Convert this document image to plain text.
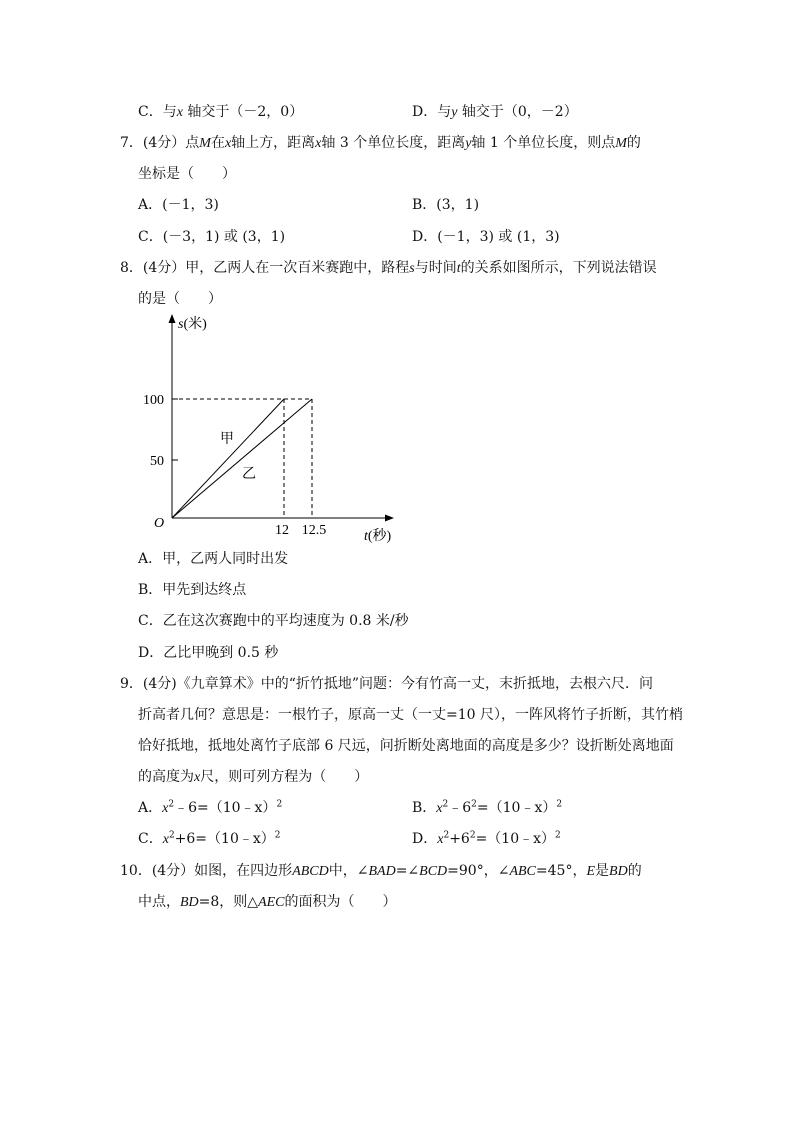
C．与x 轴交于（－2，0）	D．与y 轴交于（0，－2）
7．(4分）点M在x轴上方，距离x轴 3 个单位长度，距离y轴 1 个单位长度，则点M的
坐标是（　　）
A．(－1，3)	B．(3，1)
C．(－3，1) 或 (3，1)	D．(－1，3) 或 (1，3)
8．(4分）甲，乙两人在一次百米赛跑中，路程s与时间t的关系如图所示，下列说法错误
的是（　　）
s(米)
t(秒)
O
100
50
甲
乙
12 12.5
A．甲，乙两人同时出发
B．甲先到达终点
C．乙在这次赛跑中的平均速度为 0.8 米/秒
D．乙比甲晚到 0.5 秒
9．(4分)《九章算术》中的“折竹抵地”问题：今有竹高一丈，末折抵地，去根六尺．问
折高者几何？意思是：一根竹子，原高一丈（一丈=10 尺），一阵风将竹子折断，其竹梢
恰好抵地，抵地处离竹子底部 6 尺远，问折断处离地面的高度是多少？设折断处离地面
的高度为x尺，则可列方程为（　　）
A．$x^2﹣6=(10﹣x)^2$	B．$x^2﹣6^2=(10﹣x)^2$
C．$x^2+6=(10﹣x)^2$	D．$x^2+6^2=(10﹣x)^2$
10．(4分）如图，在四边形ABCD中，∠BAD=∠BCD=90°，∠ABC=45°，E是BD的
中点，BD=8，则△AEC的面积为（　　）
